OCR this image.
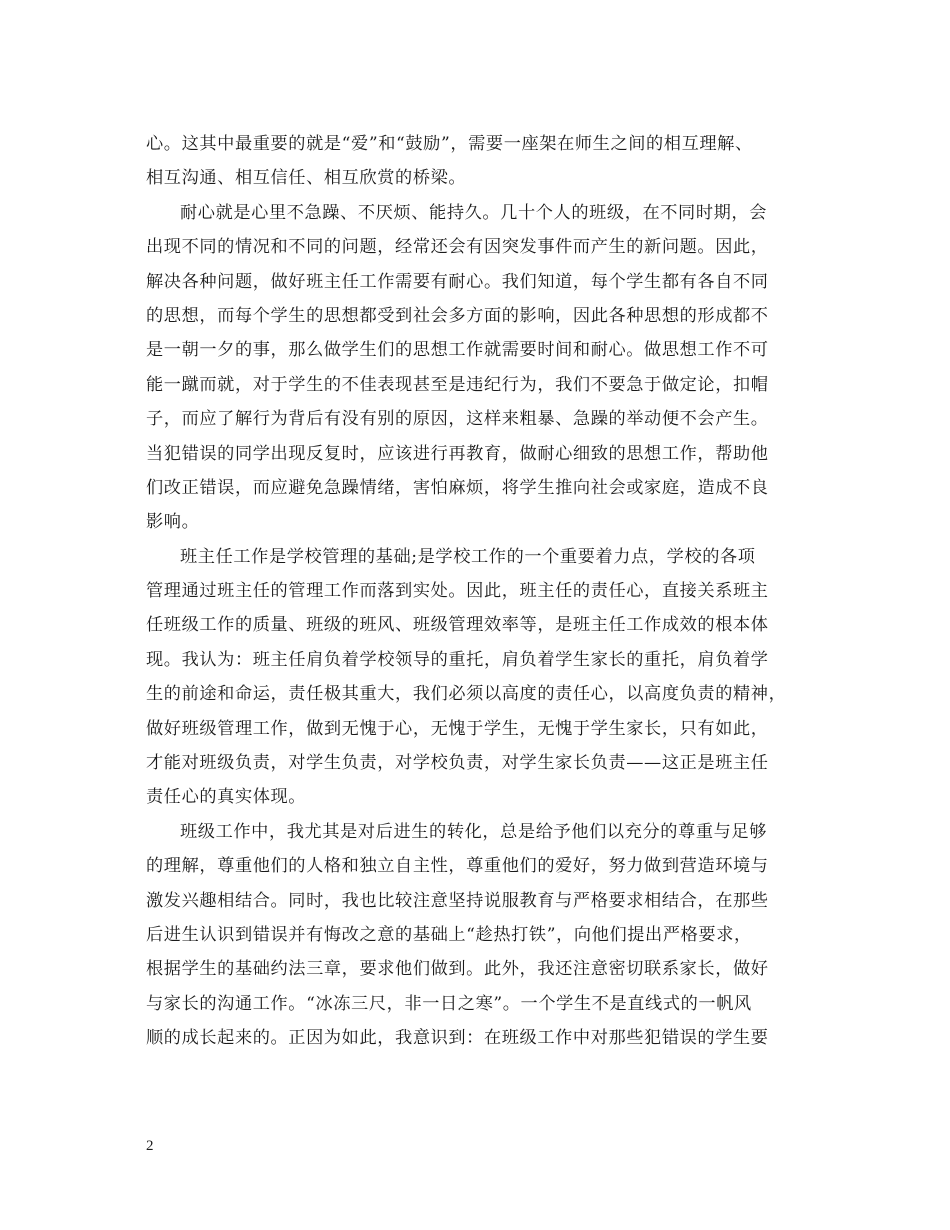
心。这其中最重要的就是“爱”和“鼓励”，需要一座架在师生之间的相互理解、
相互沟通、相互信任、相互欣赏的桥梁。
耐心就是心里不急躁、不厌烦、能持久。几十个人的班级，在不同时期，会
出现不同的情况和不同的问题，经常还会有因突发事件而产生的新问题。因此，
解决各种问题，做好班主任工作需要有耐心。我们知道，每个学生都有各自不同
的思想，而每个学生的思想都受到社会多方面的影响，因此各种思想的形成都不
是一朝一夕的事，那么做学生们的思想工作就需要时间和耐心。做思想工作不可
能一蹴而就，对于学生的不佳表现甚至是违纪行为，我们不要急于做定论，扣帽
子，而应了解行为背后有没有别的原因，这样来粗暴、急躁的举动便不会产生。
当犯错误的同学出现反复时，应该进行再教育，做耐心细致的思想工作，帮助他
们改正错误，而应避免急躁情绪，害怕麻烦，将学生推向社会或家庭，造成不良
影响。
班主任工作是学校管理的基础;是学校工作的一个重要着力点，学校的各项
管理通过班主任的管理工作而落到实处。因此，班主任的责任心，直接关系班主
任班级工作的质量、班级的班风、班级管理效率等，是班主任工作成效的根本体
现。我认为：班主任肩负着学校领导的重托，肩负着学生家长的重托，肩负着学
生的前途和命运，责任极其重大，我们必须以高度的责任心，以高度负责的精神，
做好班级管理工作，做到无愧于心，无愧于学生，无愧于学生家长，只有如此，
才能对班级负责，对学生负责，对学校负责，对学生家长负责——这正是班主任
责任心的真实体现。
班级工作中，我尤其是对后进生的转化，总是给予他们以充分的尊重与足够
的理解，尊重他们的人格和独立自主性，尊重他们的爱好，努力做到营造环境与
激发兴趣相结合。同时，我也比较注意坚持说服教育与严格要求相结合，在那些
后进生认识到错误并有悔改之意的基础上“趁热打铁”，向他们提出严格要求，
根据学生的基础约法三章，要求他们做到。此外，我还注意密切联系家长，做好
与家长的沟通工作。“冰冻三尺，非一日之寒”。一个学生不是直线式的一帆风
顺的成长起来的。正因为如此，我意识到：在班级工作中对那些犯错误的学生要
2
